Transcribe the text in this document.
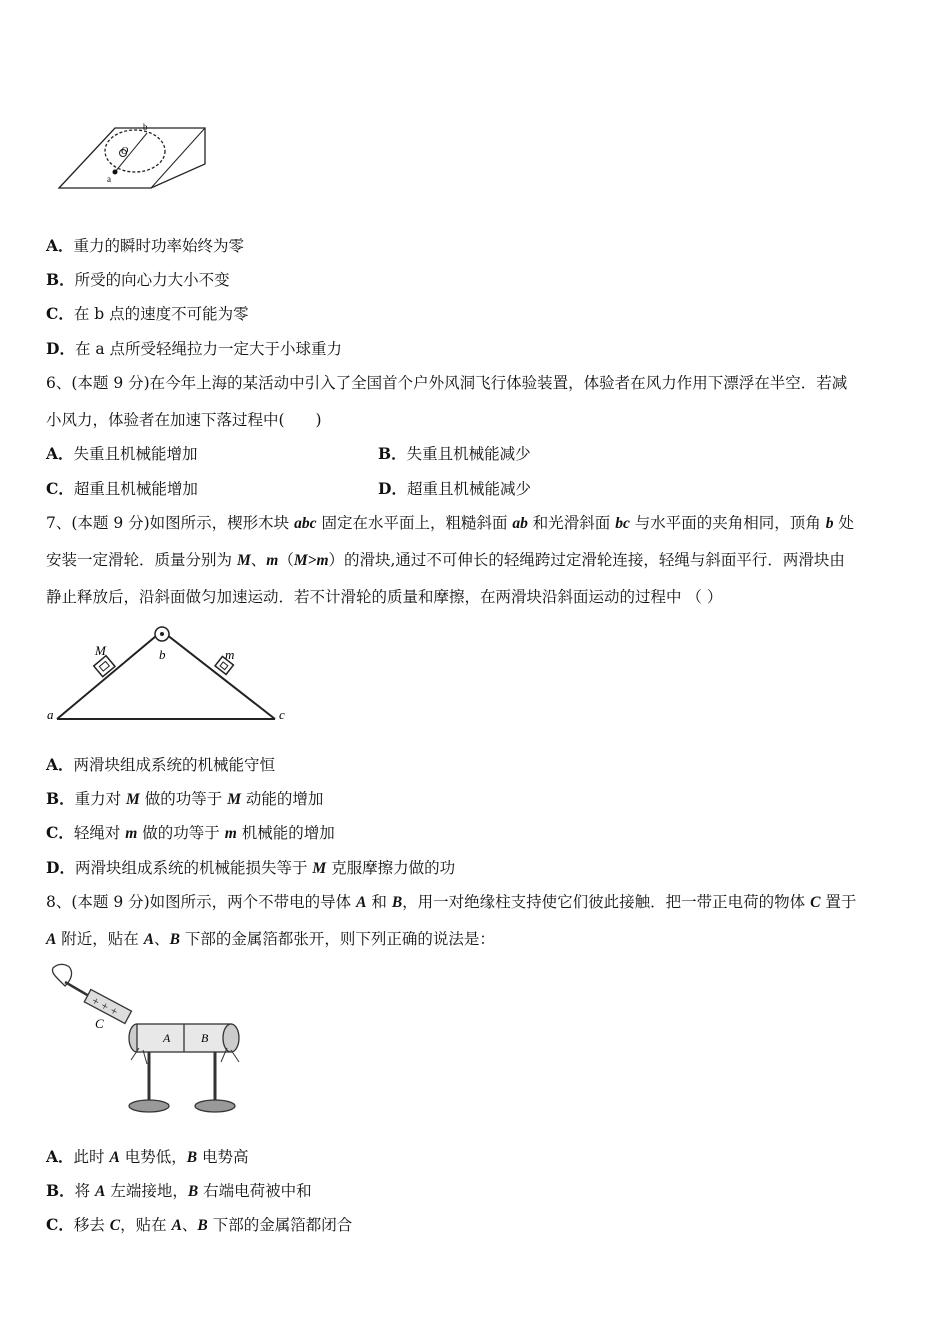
b
O
a
A．重力的瞬时功率始终为零
B．所受的向心力大小不变
C．在 b 点的速度不可能为零
D．在 a 点所受轻绳拉力一定大于小球重力
6、(本题 9 分)在今年上海的某活动中引入了全国首个户外风洞飞行体验装置，体验者在风力作用下漂浮在半空．若减
小风力，体验者在加速下落过程中(　　)
A．失重且机械能增加	B．失重且机械能减少
C．超重且机械能增加	D．超重且机械能减少
7、(本题 9 分)如图所示，楔形木块 abc 固定在水平面上，粗糙斜面 ab 和光滑斜面 bc 与水平面的夹角相同，顶角 b 处
安装一定滑轮．质量分别为 M、m（M>m）的滑块,通过不可伸长的轻绳跨过定滑轮连接，轻绳与斜面平行．两滑块由
静止释放后，沿斜面做匀加速运动．若不计滑轮的质量和摩擦，在两滑块沿斜面运动的过程中 （ ）
M	b	m
a	c
A．两滑块组成系统的机械能守恒
B．重力对 M 做的功等于 M 动能的增加
C．轻绳对 m 做的功等于 m 机械能的增加
D．两滑块组成系统的机械能损失等于 M 克服摩擦力做的功
8、(本题 9 分)如图所示，两个不带电的导体 A 和 B，用一对绝缘柱支持使它们彼此接触．把一带正电荷的物体 C 置于
A 附近，贴在 A、B 下部的金属箔都张开，则下列正确的说法是：
+ + +
C
A	B
A．此时 A 电势低，B 电势高
B．将 A 左端接地，B 右端电荷被中和
C．移去 C，贴在 A、B 下部的金属箔都闭合
